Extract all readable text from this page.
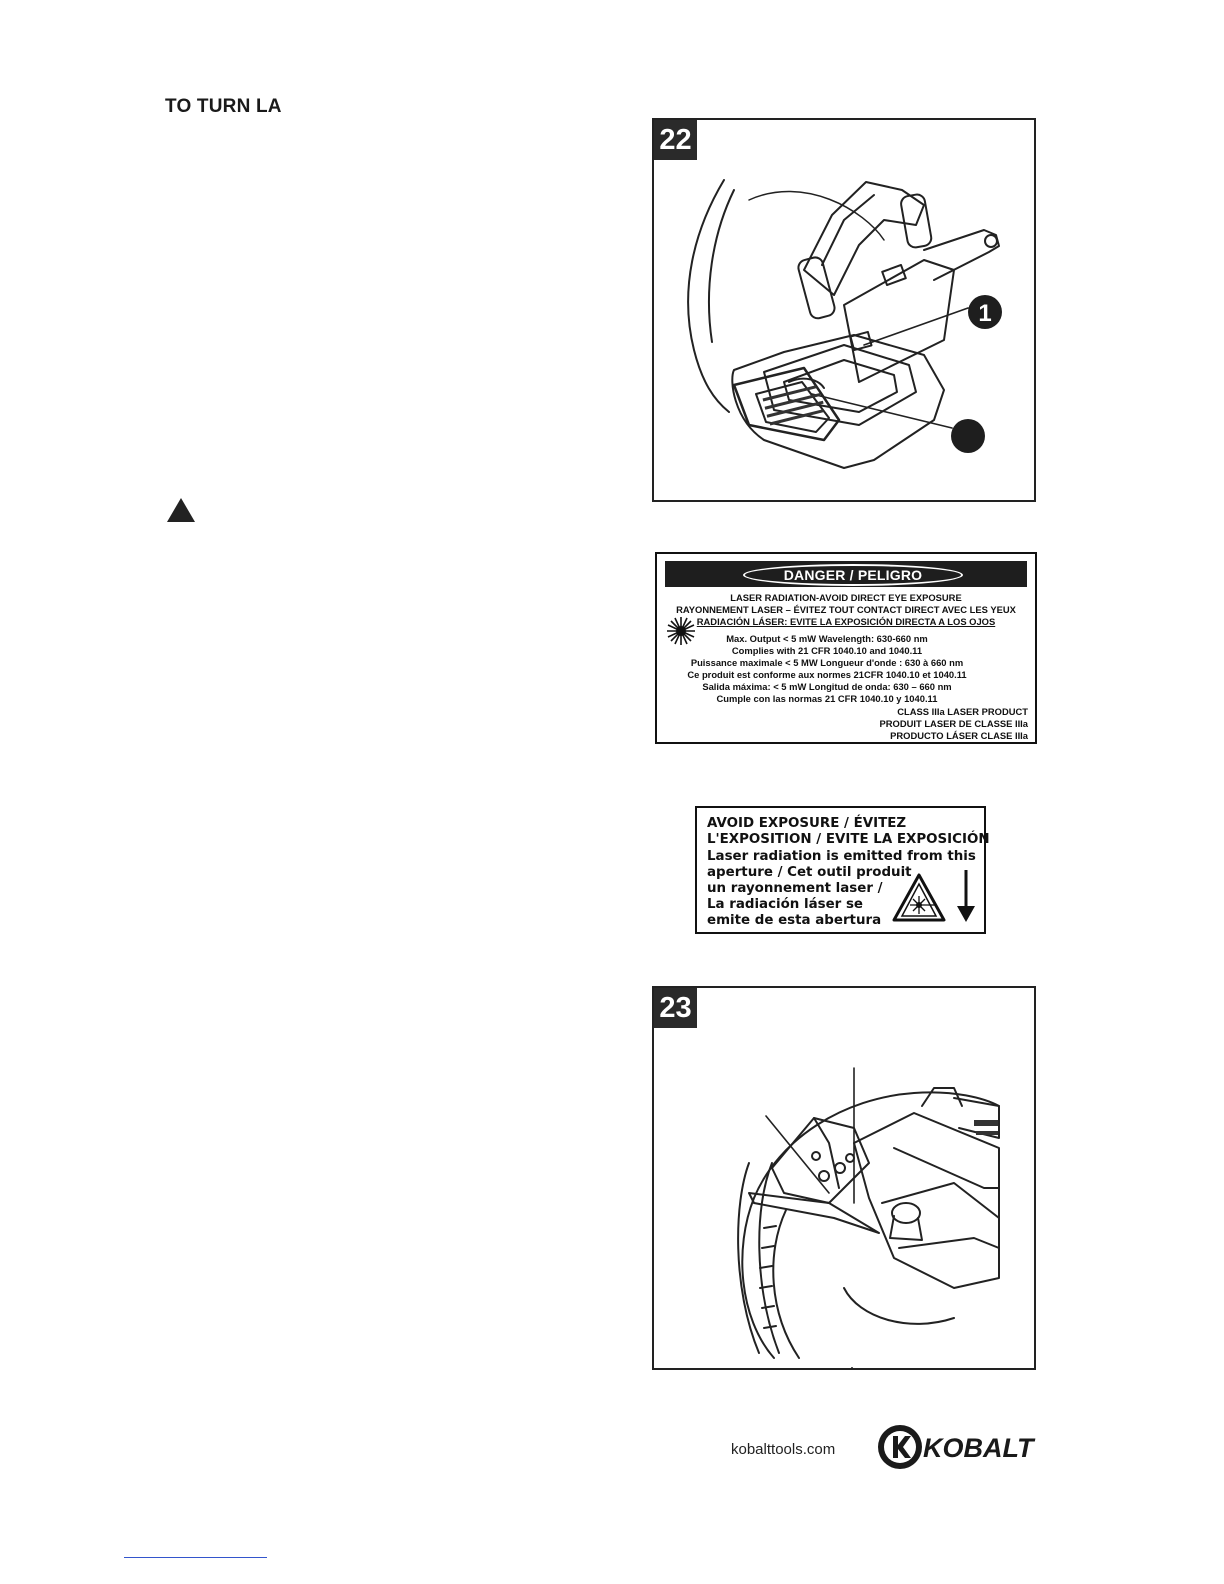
TO TURN LA
1
22
DANGER / PELIGRO
LASER RADIATION-AVOID DIRECT EYE EXPOSURE
RAYONNEMENT LASER – ÉVITEZ TOUT CONTACT DIRECT AVEC LES YEUX
RADIACIÓN LÁSER: EVITE LA EXPOSICIÓN DIRECTA A LOS OJOS
Max. Output < 5 mW Wavelength: 630-660 nm
Complies with 21 CFR 1040.10 and 1040.11
Puissance maximale < 5 MW Longueur d'onde : 630 à 660 nm
Ce produit est conforme aux normes 21CFR 1040.10 et 1040.11
Salida máxima: < 5 mW Longitud de onda: 630 – 660 nm
Cumple con las normas 21 CFR 1040.10 y 1040.11
CLASS IIIa LASER PRODUCT
PRODUIT LASER DE CLASSE IIIa
PRODUCTO LÁSER CLASE IIIa
AVOID EXPOSURE / ÉVITEZ
L'EXPOSITION / EVITE LA EXPOSICIÓN
Laser radiation is emitted from this
aperture / Cet outil produit
un rayonnement laser /
La radiación láser se
emite de esta abertura
23
kobalttools.com	KOBALT
